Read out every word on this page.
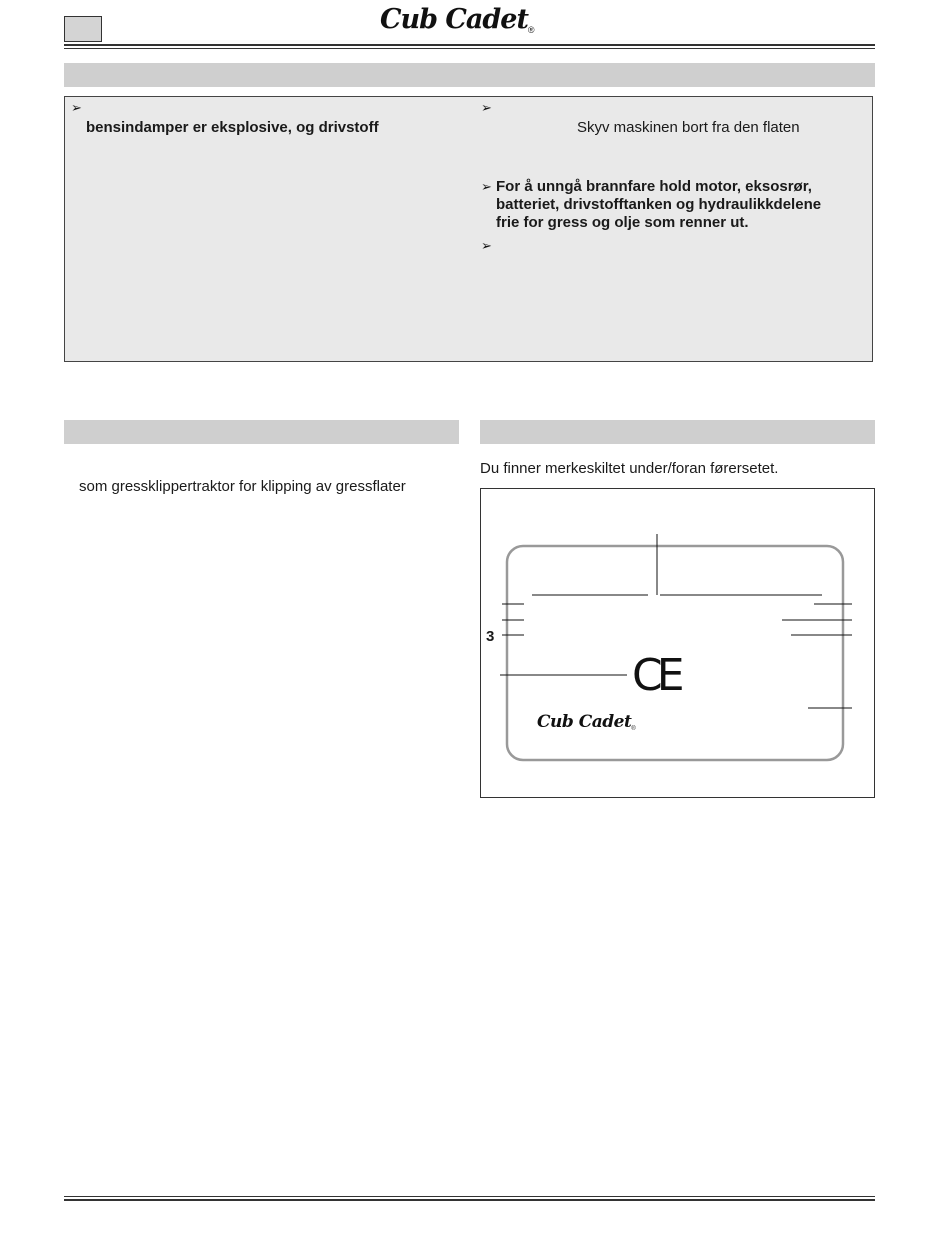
Cub Cadet®
➢
bensindamper er eksplosive, og drivstoff
➢
Skyv maskinen bort fra den flaten
➢ For å unngå brannfare hold motor, eksosrør,
batteriet, drivstofftanken og hydraulikkdelene
frie for gress og olje som renner ut.
➢
som gressklippertraktor for klipping av gressflater
Du finner merkeskiltet under/foran førersetet.
3
CE
Cub Cadet®
